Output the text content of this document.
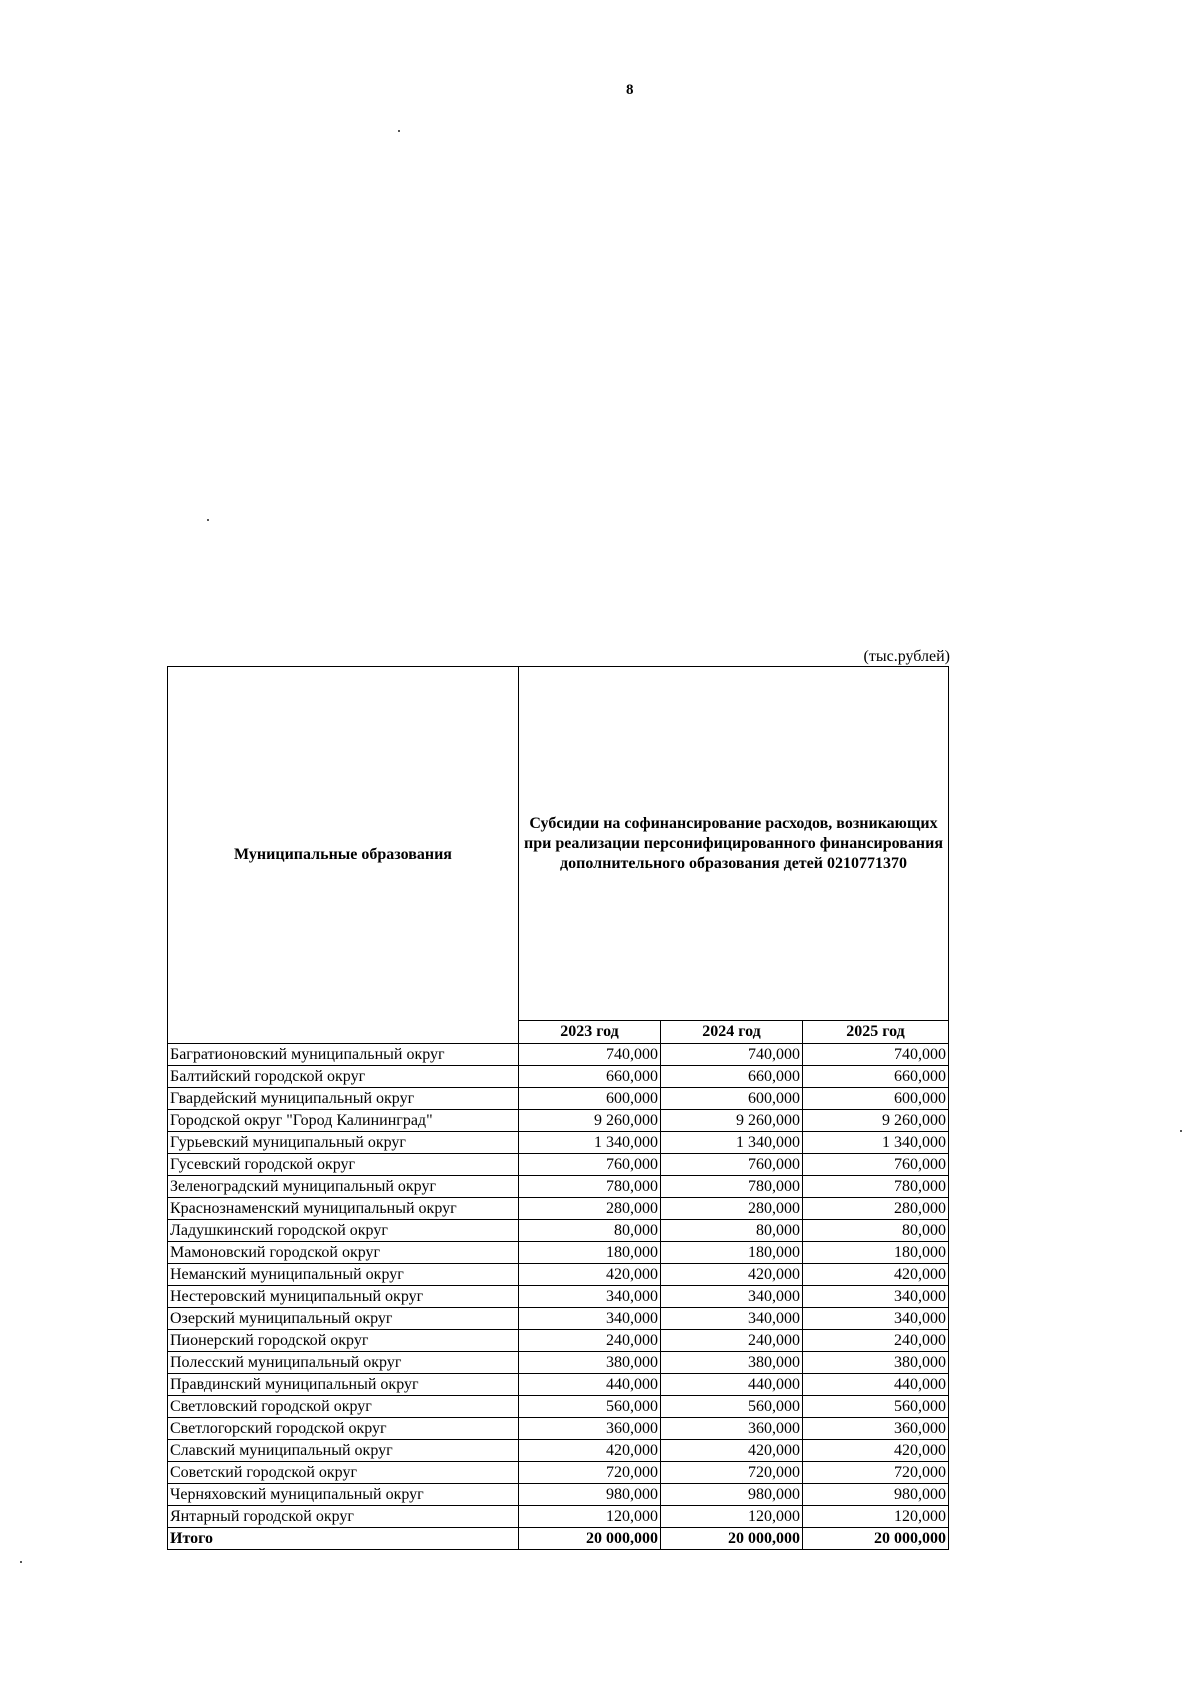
8
(тыс.рублей)
Муниципальные образования	Субсидии на софинансирование расходов, возникающих при реализации персонифицированного финансирования дополнительного образования детей 0210771370		
	2023 год	2024 год	2025 год
Багратионовский муниципальный округ	740,000	740,000	740,000
Балтийский городской округ	660,000	660,000	660,000
Гвардейский муниципальный округ	600,000	600,000	600,000
Городской округ "Город Калининград"	9 260,000	9 260,000	9 260,000
Гурьевский муниципальный округ	1 340,000	1 340,000	1 340,000
Гусевский городской округ	760,000	760,000	760,000
Зеленоградский муниципальный округ	780,000	780,000	780,000
Краснознаменский муниципальный округ	280,000	280,000	280,000
Ладушкинский городской округ	80,000	80,000	80,000
Мамоновский городской округ	180,000	180,000	180,000
Неманский муниципальный округ	420,000	420,000	420,000
Нестеровский муниципальный округ	340,000	340,000	340,000
Озерский муниципальный округ	340,000	340,000	340,000
Пионерский городской округ	240,000	240,000	240,000
Полесский муниципальный округ	380,000	380,000	380,000
Правдинский муниципальный округ	440,000	440,000	440,000
Светловский городской округ	560,000	560,000	560,000
Светлогорский городской округ	360,000	360,000	360,000
Славский муниципальный округ	420,000	420,000	420,000
Советский городской округ	720,000	720,000	720,000
Черняховский муниципальный округ	980,000	980,000	980,000
Янтарный городской округ	120,000	120,000	120,000
Итого	20 000,000	20 000,000	20 000,000
